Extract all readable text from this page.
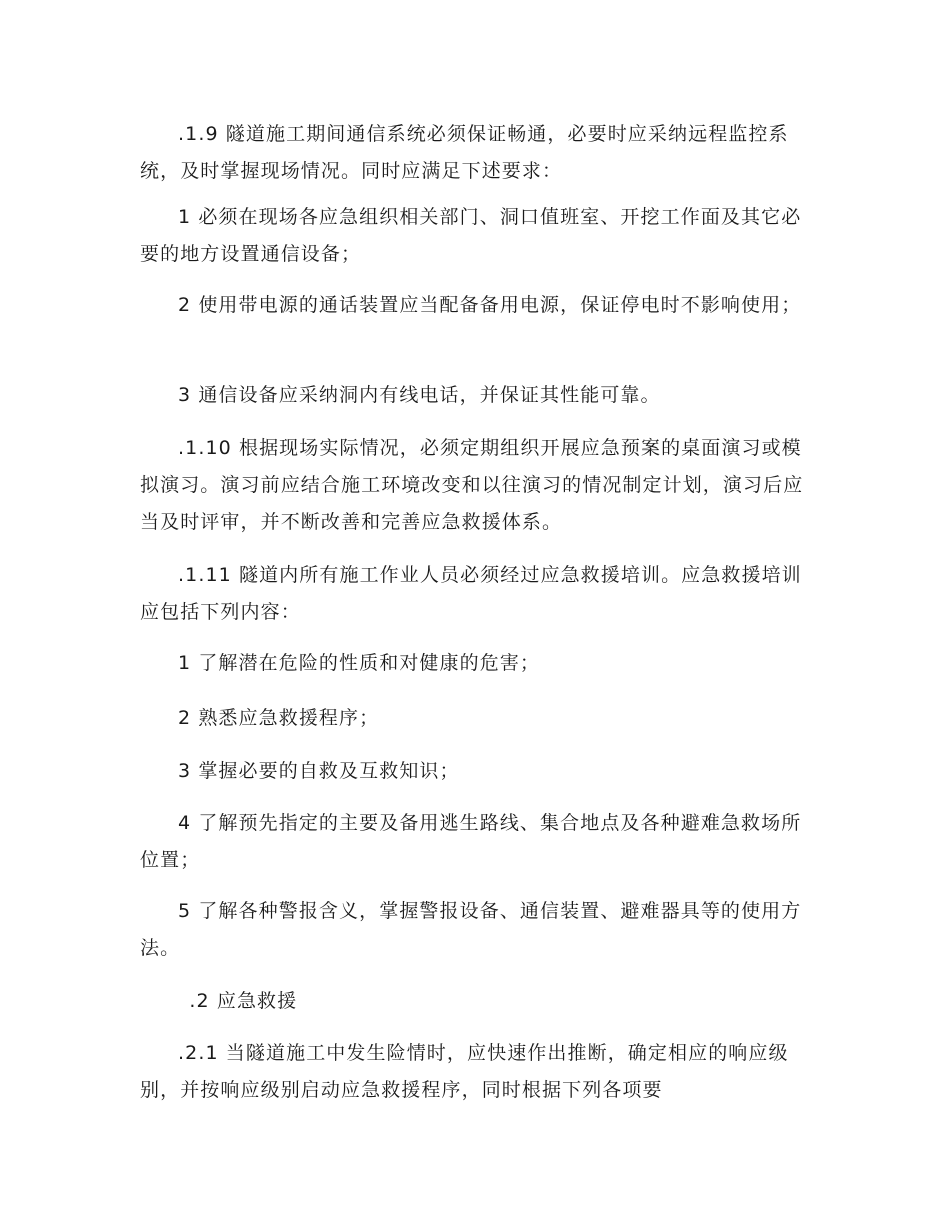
.1.9 隧道施工期间通信系统必须保证畅通，必要时应采纳远程监控系统，及时掌握现场情况。同时应满足下述要求：

1 必须在现场各应急组织相关部门、洞口值班室、开挖工作面及其它必要的地方设置通信设备；

2 使用带电源的通话装置应当配备备用电源，保证停电时不影响使用；

3 通信设备应采纳洞内有线电话，并保证其性能可靠。

.1.10 根据现场实际情况，必须定期组织开展应急预案的桌面演习或模拟演习。演习前应结合施工环境改变和以往演习的情况制定计划，演习后应当及时评审，并不断改善和完善应急救援体系。

.1.11 隧道内所有施工作业人员必须经过应急救援培训。应急救援培训应包括下列内容：

1 了解潜在危险的性质和对健康的危害；

2 熟悉应急救援程序；

3 掌握必要的自救及互救知识；

4 了解预先指定的主要及备用逃生路线、集合地点及各种避难急救场所位置；

5 了解各种警报含义，掌握警报设备、通信装置、避难器具等的使用方法。

.2 应急救援

.2.1 当隧道施工中发生险情时，应快速作出推断，确定相应的响应级别，并按响应级别启动应急救援程序，同时根据下列各项要
